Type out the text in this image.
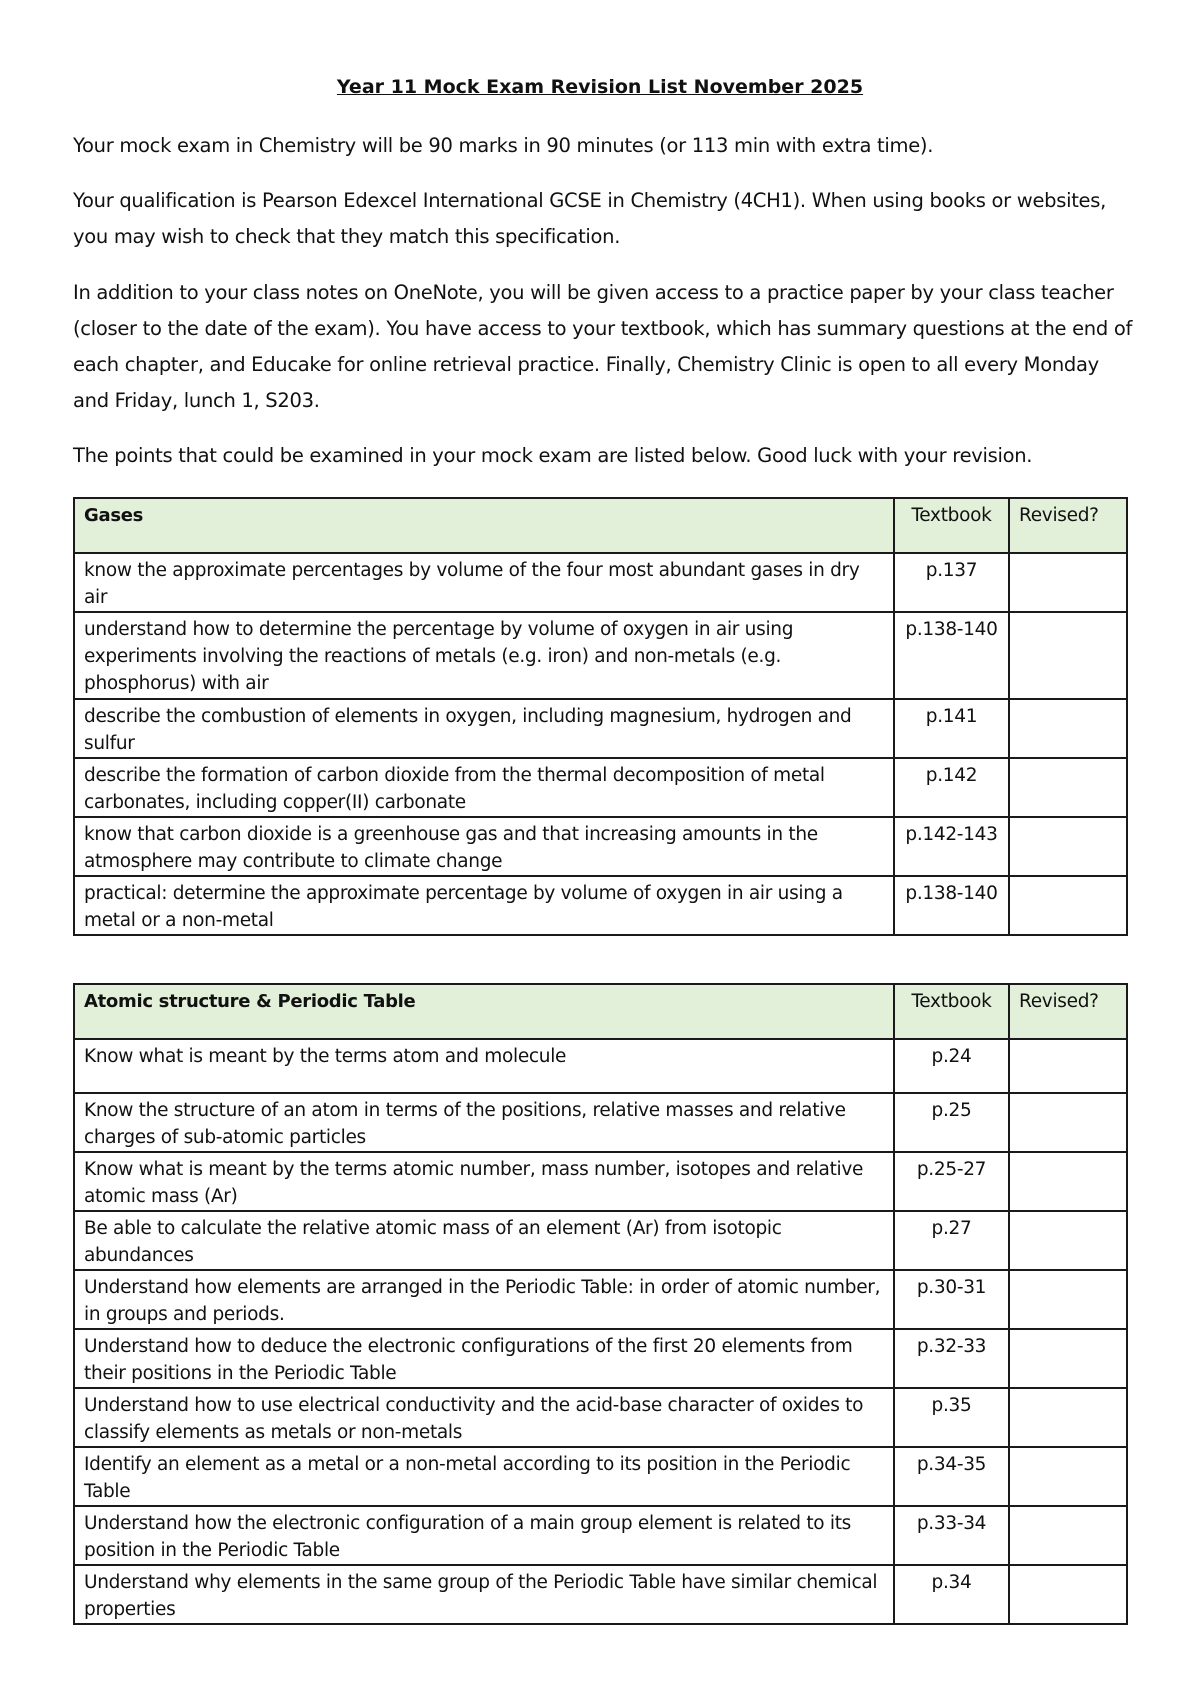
Year 11 Mock Exam Revision List November 2025
Your mock exam in Chemistry will be 90 marks in 90 minutes (or 113 min with extra time).
Your qualification is Pearson Edexcel International GCSE in Chemistry (4CH1). When using books or websites, you may wish to check that they match this specification.
In addition to your class notes on OneNote, you will be given access to a practice paper by your class teacher (closer to the date of the exam). You have access to your textbook, which has summary questions at the end of each chapter, and Educake for online retrieval practice. Finally, Chemistry Clinic is open to all every Monday and Friday, lunch 1, S203.
The points that could be examined in your mock exam are listed below. Good luck with your revision.
Gases	Textbook	Revised?
know the approximate percentages by volume of the four most abundant gases in dry air	p.137	
understand how to determine the percentage by volume of oxygen in air using experiments involving the reactions of metals (e.g. iron) and non-metals (e.g. phosphorus) with air	p.138-140	
describe the combustion of elements in oxygen, including magnesium, hydrogen and sulfur	p.141	
describe the formation of carbon dioxide from the thermal decomposition of metal carbonates, including copper(II) carbonate	p.142	
know that carbon dioxide is a greenhouse gas and that increasing amounts in the atmosphere may contribute to climate change	p.142-143	
practical: determine the approximate percentage by volume of oxygen in air using a metal or a non-metal	p.138-140	
Atomic structure & Periodic Table	Textbook	Revised?
Know what is meant by the terms atom and molecule	p.24	
Know the structure of an atom in terms of the positions, relative masses and relative charges of sub-atomic particles	p.25	
Know what is meant by the terms atomic number, mass number, isotopes and relative atomic mass (Ar)	p.25-27	
Be able to calculate the relative atomic mass of an element (Ar) from isotopic abundances	p.27	
Understand how elements are arranged in the Periodic Table: in order of atomic number, in groups and periods.	p.30-31	
Understand how to deduce the electronic configurations of the first 20 elements from their positions in the Periodic Table	p.32-33	
Understand how to use electrical conductivity and the acid-base character of oxides to classify elements as metals or non-metals	p.35	
Identify an element as a metal or a non-metal according to its position in the Periodic Table	p.34-35	
Understand how the electronic configuration of a main group element is related to its position in the Periodic Table	p.33-34	
Understand why elements in the same group of the Periodic Table have similar chemical properties	p.34	
